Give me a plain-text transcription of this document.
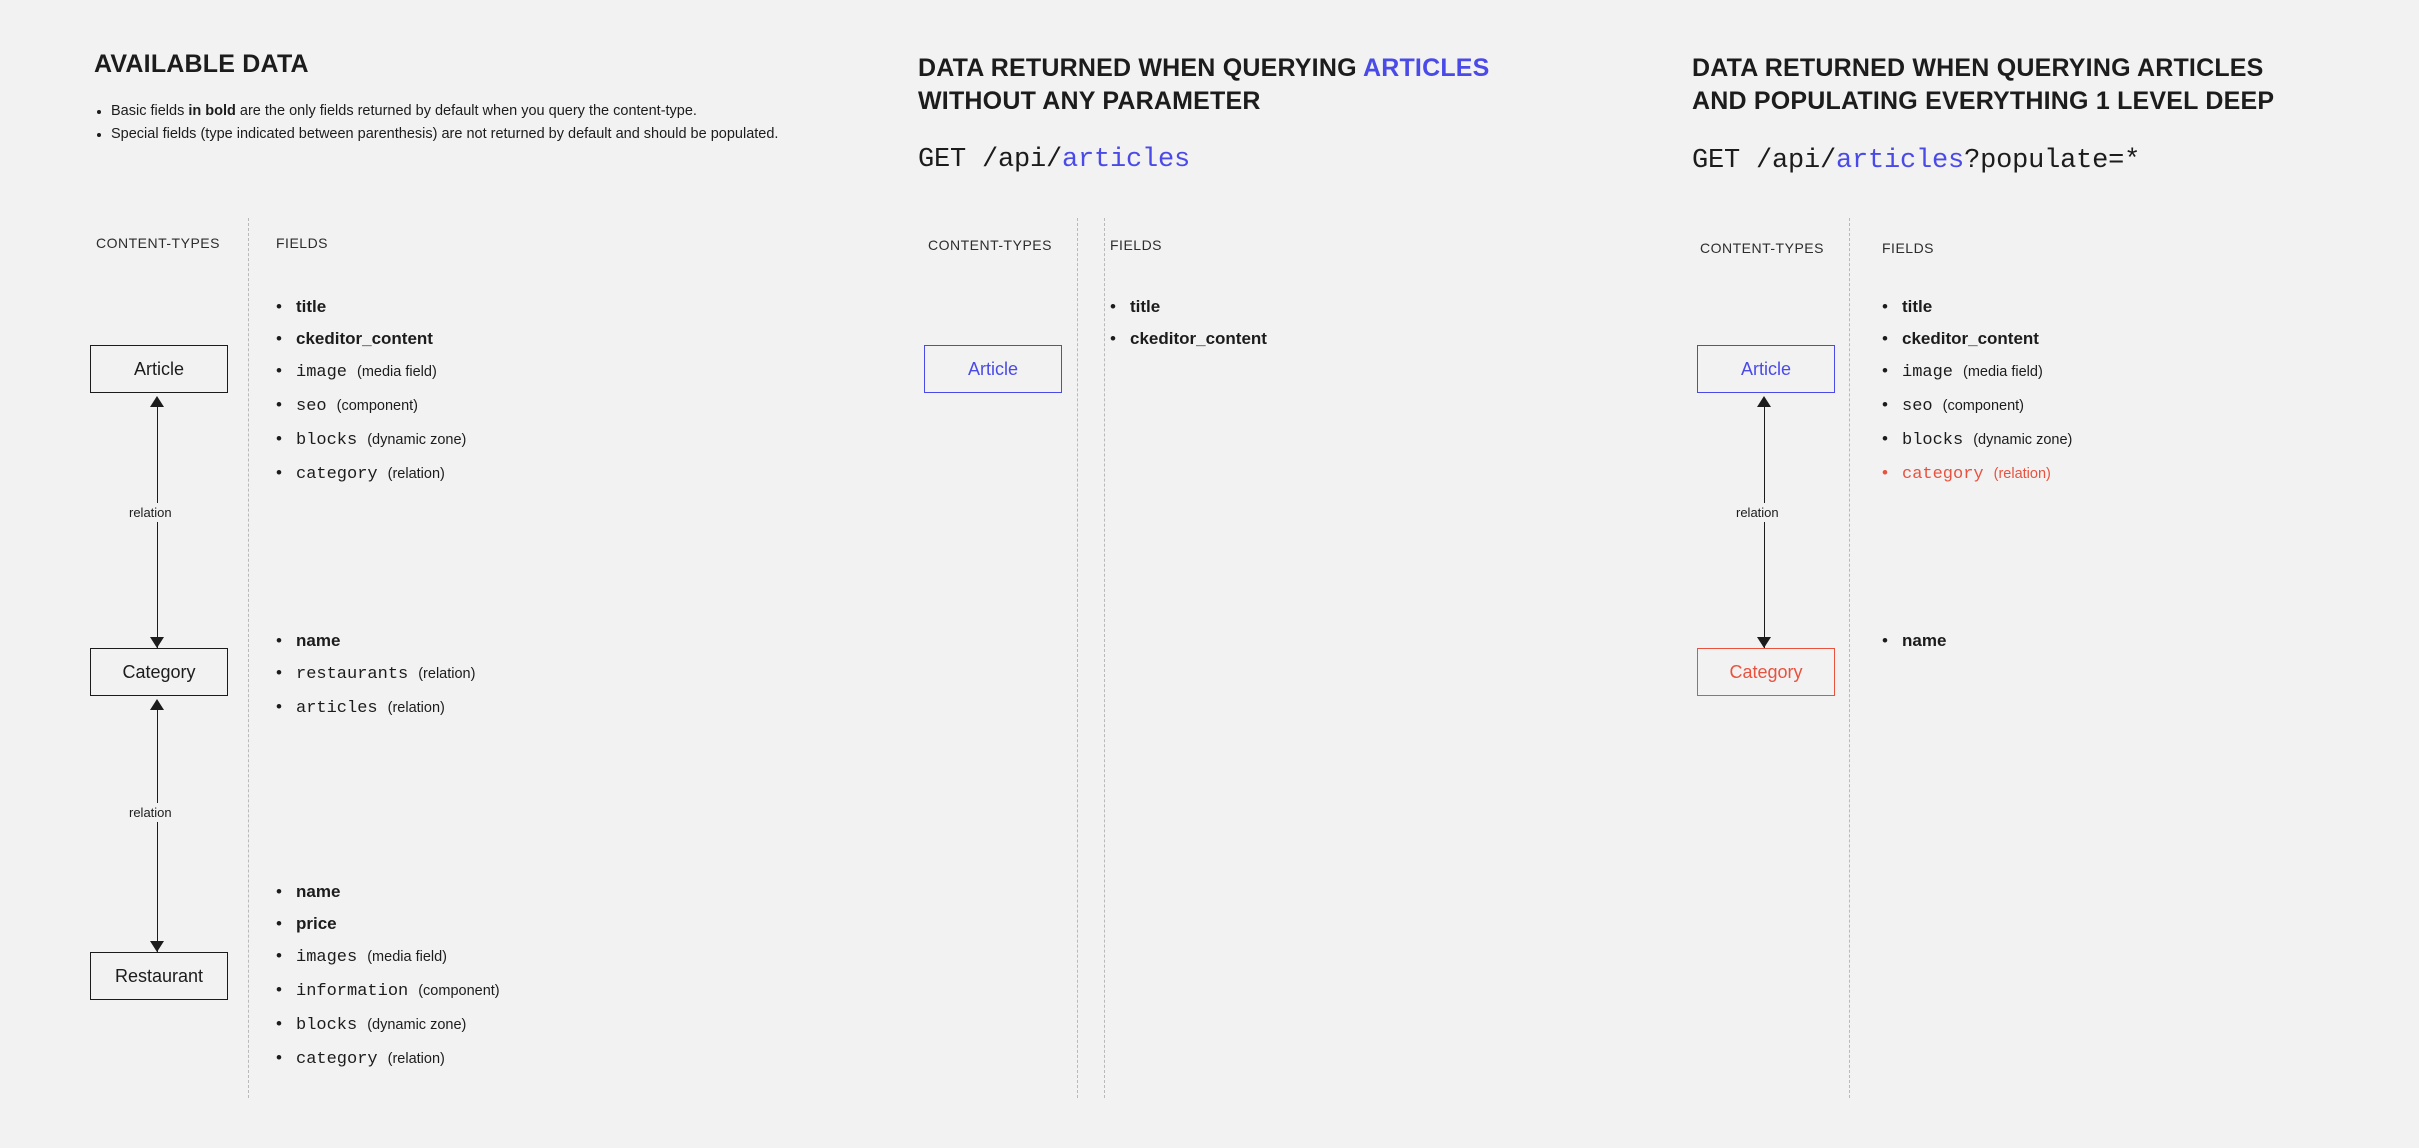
AVAILABLE DATA
• Basic fields in bold are the only fields returned by default when you query the content-type.
• Special fields (type indicated between parenthesis) are not returned by default and should be populated.
CONTENT-TYPES	FIELDS
Article
Category
Restaurant
relation
relation
• title
• ckeditor_content
• image (media field)
• seo (component)
• blocks (dynamic zone)
• category (relation)
• name
• restaurants (relation)
• articles (relation)
• name
• price
• images (media field)
• information (component)
• blocks (dynamic zone)
• category (relation)
DATA RETURNED WHEN QUERYING ARTICLES
WITHOUT ANY PARAMETER
GET /api/articles
CONTENT-TYPES	FIELDS
Article
• title
• ckeditor_content
DATA RETURNED WHEN QUERYING ARTICLES
AND POPULATING EVERYTHING 1 LEVEL DEEP
GET /api/articles?populate=*
CONTENT-TYPES	FIELDS
Article
Category
relation
• title
• ckeditor_content
• image (media field)
• seo (component)
• blocks (dynamic zone)
• category (relation)
• name
